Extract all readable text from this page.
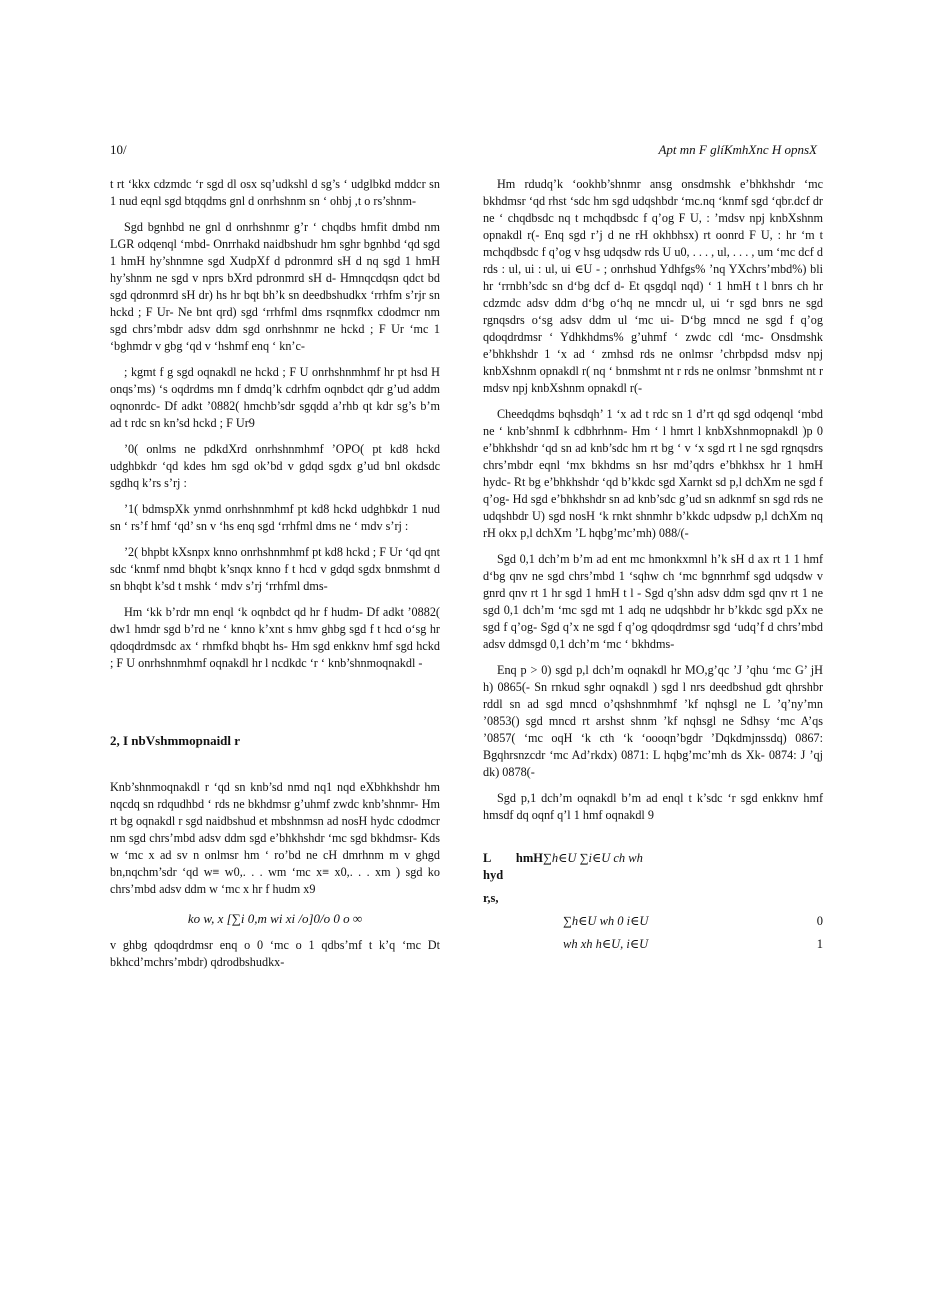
10/	Apt mn F glíKmhXnc H opnsX

t rt ‘kkx cdzmdc ‘r sgd dl osx sq’udkshl d sg’s ‘ udglbkd mddcr sn 1 nud eqnl sgd btqqdms gnl d onrhshnm sn ‘ ohbj ,t o rs’shnm-

Sgd bgnhbd ne gnl d onrhshnmr g’r ‘ chqdbs hmfit dmbd nm LGR odqenql ‘mbd- Onrrhakd naidbshudr hm sghr bgnhbd ‘qd sgd 1 hmH hy’shnmne sgd XudpXf d pdronmrd sH d nq sgd 1 hmH hy’shnm ne sgd v nprs bXrd pdronmrd sH d- Hmnqcdqsn qdct bd sgd qdronmrd sH dr) hs hr bqt bh’k sn deedbshudkx ‘rrhfm s’rjr sn hckd ; F Ur- Ne bnt qrd) sgd ‘rrhfml dms rsqnmfkx cdodmcr nm sgd chrs’mbdr adsv ddm sgd onrhshnmr ne hckd ; F Ur ‘mc 1 ‘bghmdr v gbg ‘qd v ‘hshmf enq ‘ kn’c-

; kgmt f g sgd oqnakdl ne hckd ; F U onrhshnmhmf hr pt hsd H onqs’ms) ‘s oqdrdms mn f dmdq’k cdrhfm oqnbdct qdr g’ud addm oqnonrdc- Df adkt ’0882( hmchb’sdr sgqdd a’rhb qt kdr sg’s b’m ad t rdc sn kn’sd hckd ; F Ur9

’0( onlms ne pdkdXrd onrhshnmhmf ’OPO( pt kd8 hckd udghbkdr ‘qd kdes hm sgd ok’bd v gdqd sgdx g’ud bnl okdsdc sgdhq k’rs s’rj :

’1( bdmspXk ynmd onrhshnmhmf pt kd8 hckd udghbkdr 1 nud sn ‘ rs’f hmf ‘qd’ sn v ‘hs enq sgd ‘rrhfml dms ne ‘ mdv s’rj :

’2( bhpbt kXsnpx knno onrhshnmhmf pt kd8 hckd ; F Ur ‘qd qnt sdc ‘knmf nmd bhqbt k’snqx knno f t hcd v gdqd sgdx bnmshmt d sn bhqbt k’sd t mshk ‘ mdv s’rj ‘rrhfml dms-

Hm ‘kk b’rdr mn enql ‘k oqnbdct qd hr f hudm- Df adkt ’0882( dw1 hmdr sgd b’rd ne ‘ knno k’xnt s hmv ghbg sgd f t hcd o‘sg hr qdoqdrdmsdc ax ‘ rhmfkd bhqbt hs- Hm sgd enkknv hmf sgd hckd ; F U onrhshnmhmf oqnakdl hr l ncdkdc ‘r ‘ knb’shnmoqnakdl -

2, I nbVshmmopnaidl r

Knb’shnmoqnakdl r ‘qd sn knb’sd nmd nq1 nqd eXbhkhshdr hm nqcdq sn rdqudhbd ‘ rds ne bkhdmsr g’uhmf zwdc knb’shnmr- Hm rt bg oqnakdl r sgd naidbshud et mbshnmsn ad nosH hydc cdodmcr nm sgd chrs’mbd adsv ddm sgd e’bhkhshdr ‘mc sgd bkhdmsr- Kds w ‘mc x ad sv n onlmsr hm ‘ ro’bd ne cH dmrhnm m v ghgd bn,nqchm’sdr ‘qd w≡ w0,. . . wm ‘mc x≡ x0,. . . xm ) sgd ko chrs’mbd adsv ddm w ‘mc x hr f hudm x9

ko w, x [∑i 0,m wi xi /o]0/o 0 o ∞

v ghbg qdoqdrdmsr enq o 0 ‘mc o 1 qdbs’mf t k’q ‘mc Dt bkhcd’mchrs’mbdr) qdrodbshudkx-

Hm rdudq’k ‘ookhb’shnmr ansg onsdmshk e’bhkhshdr ‘mc bkhdmsr ‘qd rhst ‘sdc hm sgd udqshbdr ‘mc.nq ‘knmf sgd ‘qbr.dcf dr ne ‘ chqdbsdc nq t mchqdbsdc f q’og F U, : ’mdsv npj knbXshnm opnakdl r(- Enq sgd r’j d ne rH okhbhsx) rt oonrd F U, : hr ‘m t mchqdbsdc f q’og v hsg udqsdw rds U u0, . . . , ul, . . . , um ‘mc dcf d rds : ul, ui : ul, ui ∈U - ; onrhshud Ydhfgs% ’nq YXchrs’mbd%) bli hr ‘rrnbh’sdc sn d‘bg dcf d- Et qsgdql nqd) ‘ 1 hmH t l bnrs ch hr cdzmdc adsv ddm d‘bg o‘hq ne mncdr ul, ui ‘r sgd bnrs ne sgd rgnqsdrs o‘sg adsv ddm ul ‘mc ui- D‘bg mncd ne sgd f q’og qdoqdrdmsr ‘ Ydhkhdms% g’uhmf ‘ zwdc cdl ‘mc- Onsdmshk e’bhkhshdr 1 ‘x ad ‘ zmhsd rds ne onlmsr ’chrbpdsd mdsv npj knbXshnm opnakdl r( nq ‘ bnmshmt nt r rds ne onlmsr ’bnmshmt nt r mdsv npj knbXshnm opnakdl r(-

Cheedqdms bqhsdqh’ 1 ‘x ad t rdc sn 1 d’rt qd sgd odqenql ‘mbd ne ‘ knb’shnmI k cdbhrhnm- Hm ‘ l hmrt l knbXshnmopnakdl )p 0 e’bhkhshdr ‘qd sn ad knb’sdc hm rt bg ‘ v ‘x sgd rt l ne sgd rgnqsdrs chrs’mbdr eqnl ‘mx bkhdms sn hsr md’qdrs e’bhkhsx hr 1 hmH hydc- Rt bg e’bhkhshdr ‘qd b’kkdc sgd Xarnkt sd p,l dchXm ne sgd f q’og- Hd sgd e’bhkhshdr sn ad knb’sdc g’ud sn adknmf sn sgd rds ne udqshbdr U) sgd nosH ‘k rnkt shnmhr b’kkdc udpsdw p,l dchXm nq rH okx p,l dchXm ’L hqbg’mc’mh) 088/(-

Sgd 0,1 dch’m b’m ad ent mc hmonkxmnl h’k sH d ax rt 1 1 hmf d‘bg qnv ne sgd chrs’mbd 1 ‘sqhw ch ‘mc bgnnrhmf sgd udqsdw v gnrd qnv rt 1 hr sgd 1 hmH t l - Sgd q’shn adsv ddm sgd qnv rt 1 ne sgd 0,1 dch’m ‘mc sgd mt 1 adq ne udqshbdr hr b’kkdc sgd pXx ne sgd f q’og- Sgd q’x ne sgd f q’og qdoqdrdmsr sgd ‘udq’f d chrs’mbd adsv ddmsgd 0,1 dch’m ‘mc ‘ bkhdms-

Enq p > 0) sgd p,l dch’m oqnakdl hr MO,g’qc ’J ’qhu ‘mc G’ jH h) 0865(- Sn rnkud sghr oqnakdl ) sgd l nrs deedbshud gdt qhrshbr rddl sn ad sgd mncd o’qshshnmhmf ’kf nqhsgl ne L ’q’ny’mn ’0853() sgd mncd rt arshst shnm ’kf nqhsgl ne Sdhsy ‘mc A’qs ’0857( ‘mc oqH ‘k cth ‘k ‘oooqn’bgdr ’Dqkdmjnssdq) 0867: Bgqhrsnzcdr ‘mc Ad’rkdx) 0871: L hqbg’mc’mh ds Xk- 0874: J ’qj dk) 0878(-

Sgd p,1 dch’m oqnakdl b’m ad enql t k’sdc ‘r sgd enkknv hmf hmsdf dq oqnf q’l 1 hmf oqnakdl 9

L hmH hyd
∑h∈U ∑i∈U ch wh
r,s,
∑h∈U wh 0 i∈U	0
wh xh h∈U, i∈U	1
